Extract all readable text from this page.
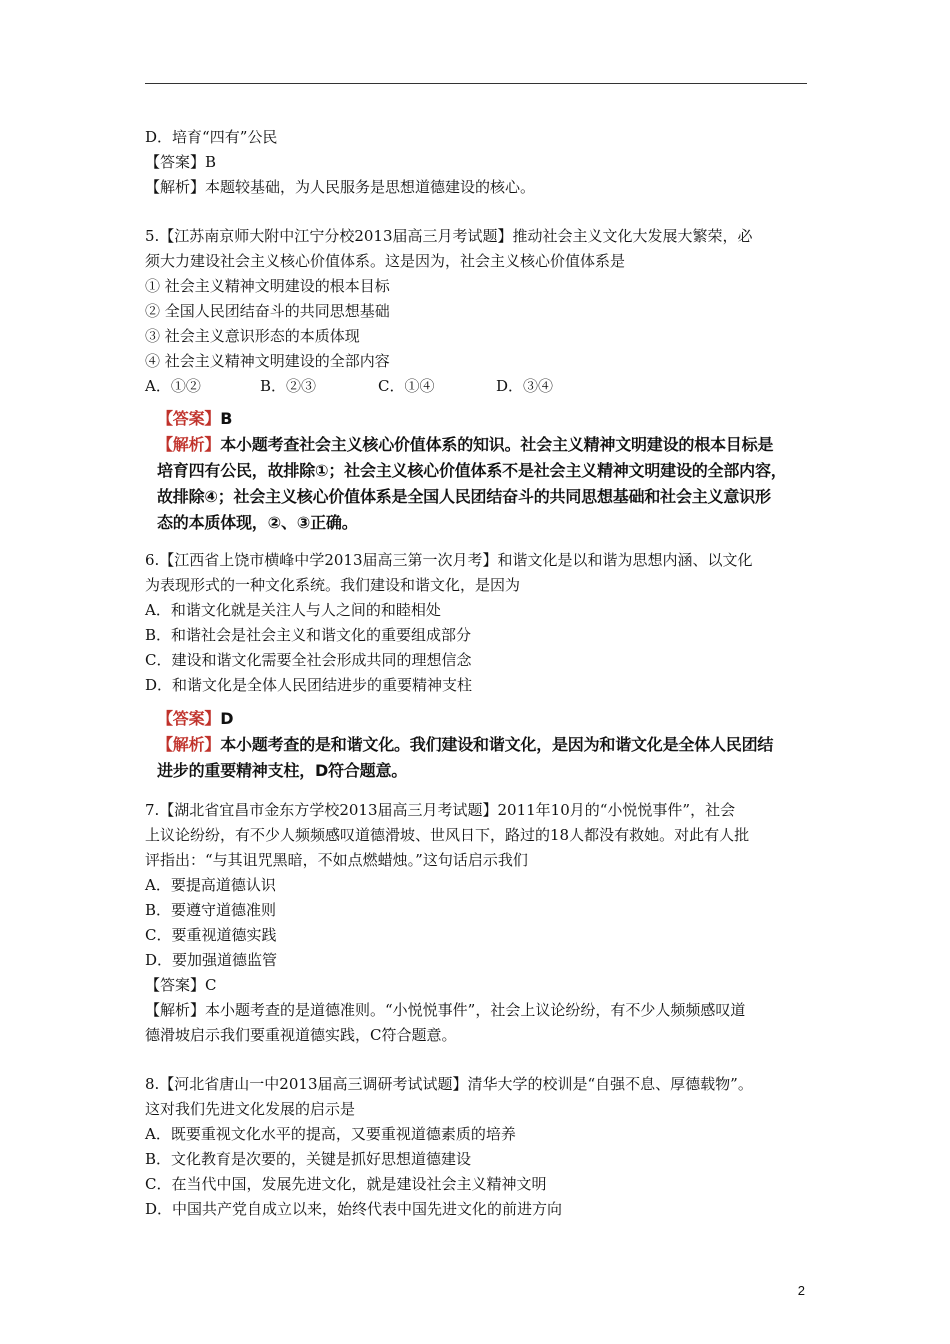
D．培育“四有”公民
【答案】B
【解析】本题较基础，为人民服务是思想道德建设的核心。
5.【江苏南京师大附中江宁分校2013届高三月考试题】推动社会主义文化大发展大繁荣，必
须大力建设社会主义核心价值体系。这是因为，社会主义核心价值体系是
① 社会主义精神文明建设的根本目标
② 全国人民团结奋斗的共同思想基础
③ 社会主义意识形态的本质体现
④ 社会主义精神文明建设的全部内容
A．①②	B．②③	C．①④	D．③④
【答案】B
【解析】本小题考查社会主义核心价值体系的知识。社会主义精神文明建设的根本目标是
培育四有公民，故排除①；社会主义核心价值体系不是社会主义精神文明建设的全部内容，
故排除④；社会主义核心价值体系是全国人民团结奋斗的共同思想基础和社会主义意识形
态的本质体现，②、③正确。
6.【江西省上饶市横峰中学2013届高三第一次月考】和谐文化是以和谐为思想内涵、以文化
为表现形式的一种文化系统。我们建设和谐文化，是因为
A．和谐文化就是关注人与人之间的和睦相处
B．和谐社会是社会主义和谐文化的重要组成部分
C．建设和谐文化需要全社会形成共同的理想信念
D．和谐文化是全体人民团结进步的重要精神支柱
【答案】D
【解析】本小题考查的是和谐文化。我们建设和谐文化，是因为和谐文化是全体人民团结
进步的重要精神支柱，D符合题意。
7.【湖北省宜昌市金东方学校2013届高三月考试题】2011年10月的“小悦悦事件”，社会
上议论纷纷，有不少人频频感叹道德滑坡、世风日下，路过的18人都没有救她。对此有人批
评指出：“与其诅咒黑暗，不如点燃蜡烛。”这句话启示我们
A．要提高道德认识
B．要遵守道德准则
C．要重视道德实践
D．要加强道德监管
【答案】C
【解析】本小题考查的是道德准则。“小悦悦事件”，社会上议论纷纷，有不少人频频感叹道
德滑坡启示我们要重视道德实践，C符合题意。
8.【河北省唐山一中2013届高三调研考试试题】清华大学的校训是“自强不息、厚德载物”。
这对我们先进文化发展的启示是
A．既要重视文化水平的提高，又要重视道德素质的培养
B．文化教育是次要的，关键是抓好思想道德建设
C．在当代中国，发展先进文化，就是建设社会主义精神文明
D．中国共产党自成立以来，始终代表中国先进文化的前进方向
2
